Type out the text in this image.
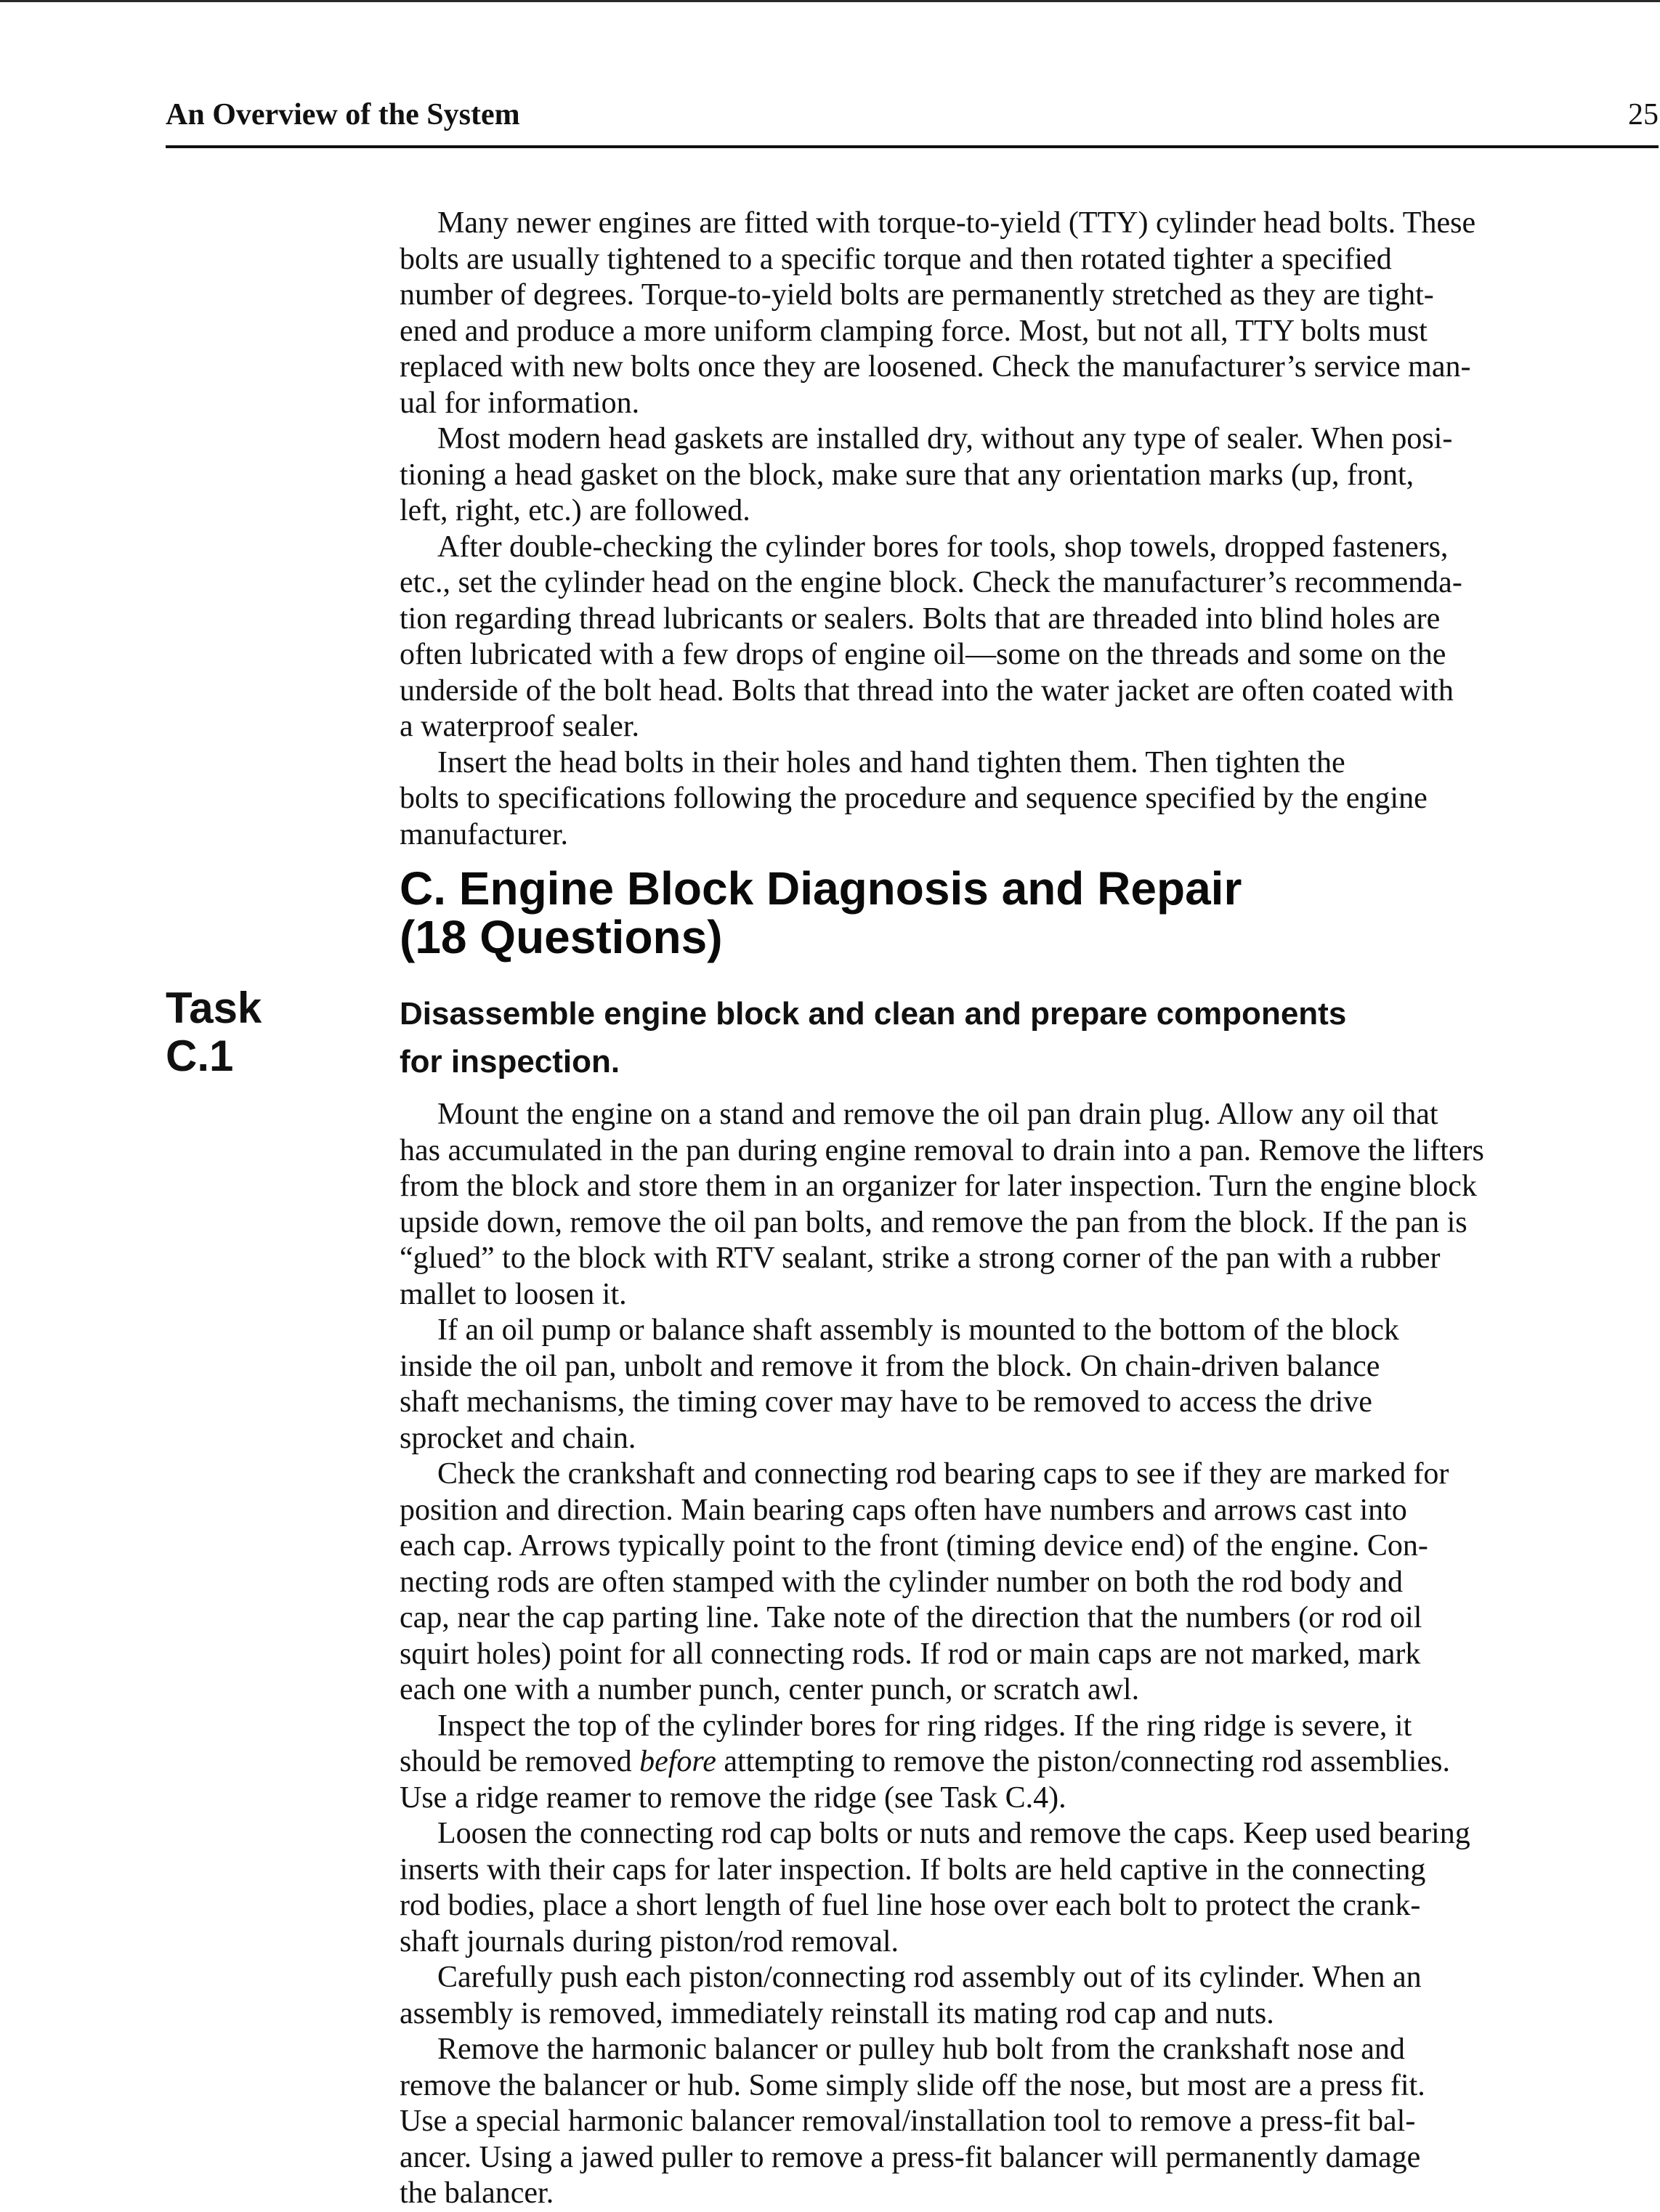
An Overview of the System	25

Many newer engines are fitted with torque-to-yield (TTY) cylinder head bolts. These
bolts are usually tightened to a specific torque and then rotated tighter a specified
number of degrees. Torque-to-yield bolts are permanently stretched as they are tight-
ened and produce a more uniform clamping force. Most, but not all, TTY bolts must
replaced with new bolts once they are loosened. Check the manufacturer’s service man-
ual for information.

Most modern head gaskets are installed dry, without any type of sealer. When posi-
tioning a head gasket on the block, make sure that any orientation marks (up, front,
left, right, etc.) are followed.

After double-checking the cylinder bores for tools, shop towels, dropped fasteners,
etc., set the cylinder head on the engine block. Check the manufacturer’s recommenda-
tion regarding thread lubricants or sealers. Bolts that are threaded into blind holes are
often lubricated with a few drops of engine oil—some on the threads and some on the
underside of the bolt head. Bolts that thread into the water jacket are often coated with
a waterproof sealer.

Insert the head bolts in their holes and hand tighten them. Then tighten the
bolts to specifications following the procedure and sequence specified by the engine
manufacturer.

C. Engine Block Diagnosis and Repair
(18 Questions)
Task
C.1
Disassemble engine block and clean and prepare components
for inspection.

Mount the engine on a stand and remove the oil pan drain plug. Allow any oil that
has accumulated in the pan during engine removal to drain into a pan. Remove the lifters
from the block and store them in an organizer for later inspection. Turn the engine block
upside down, remove the oil pan bolts, and remove the pan from the block. If the pan is
“glued” to the block with RTV sealant, strike a strong corner of the pan with a rubber
mallet to loosen it.

If an oil pump or balance shaft assembly is mounted to the bottom of the block
inside the oil pan, unbolt and remove it from the block. On chain-driven balance
shaft mechanisms, the timing cover may have to be removed to access the drive
sprocket and chain.

Check the crankshaft and connecting rod bearing caps to see if they are marked for
position and direction. Main bearing caps often have numbers and arrows cast into
each cap. Arrows typically point to the front (timing device end) of the engine. Con-
necting rods are often stamped with the cylinder number on both the rod body and
cap, near the cap parting line. Take note of the direction that the numbers (or rod oil
squirt holes) point for all connecting rods. If rod or main caps are not marked, mark
each one with a number punch, center punch, or scratch awl.

Inspect the top of the cylinder bores for ring ridges. If the ring ridge is severe, it
should be removed before attempting to remove the piston/connecting rod assemblies.
Use a ridge reamer to remove the ridge (see Task C.4).

Loosen the connecting rod cap bolts or nuts and remove the caps. Keep used bearing
inserts with their caps for later inspection. If bolts are held captive in the connecting
rod bodies, place a short length of fuel line hose over each bolt to protect the crank-
shaft journals during piston/rod removal.

Carefully push each piston/connecting rod assembly out of its cylinder. When an
assembly is removed, immediately reinstall its mating rod cap and nuts.

Remove the harmonic balancer or pulley hub bolt from the crankshaft nose and
remove the balancer or hub. Some simply slide off the nose, but most are a press fit.
Use a special harmonic balancer removal/installation tool to remove a press-fit bal-
ancer. Using a jawed puller to remove a press-fit balancer will permanently damage
the balancer.
